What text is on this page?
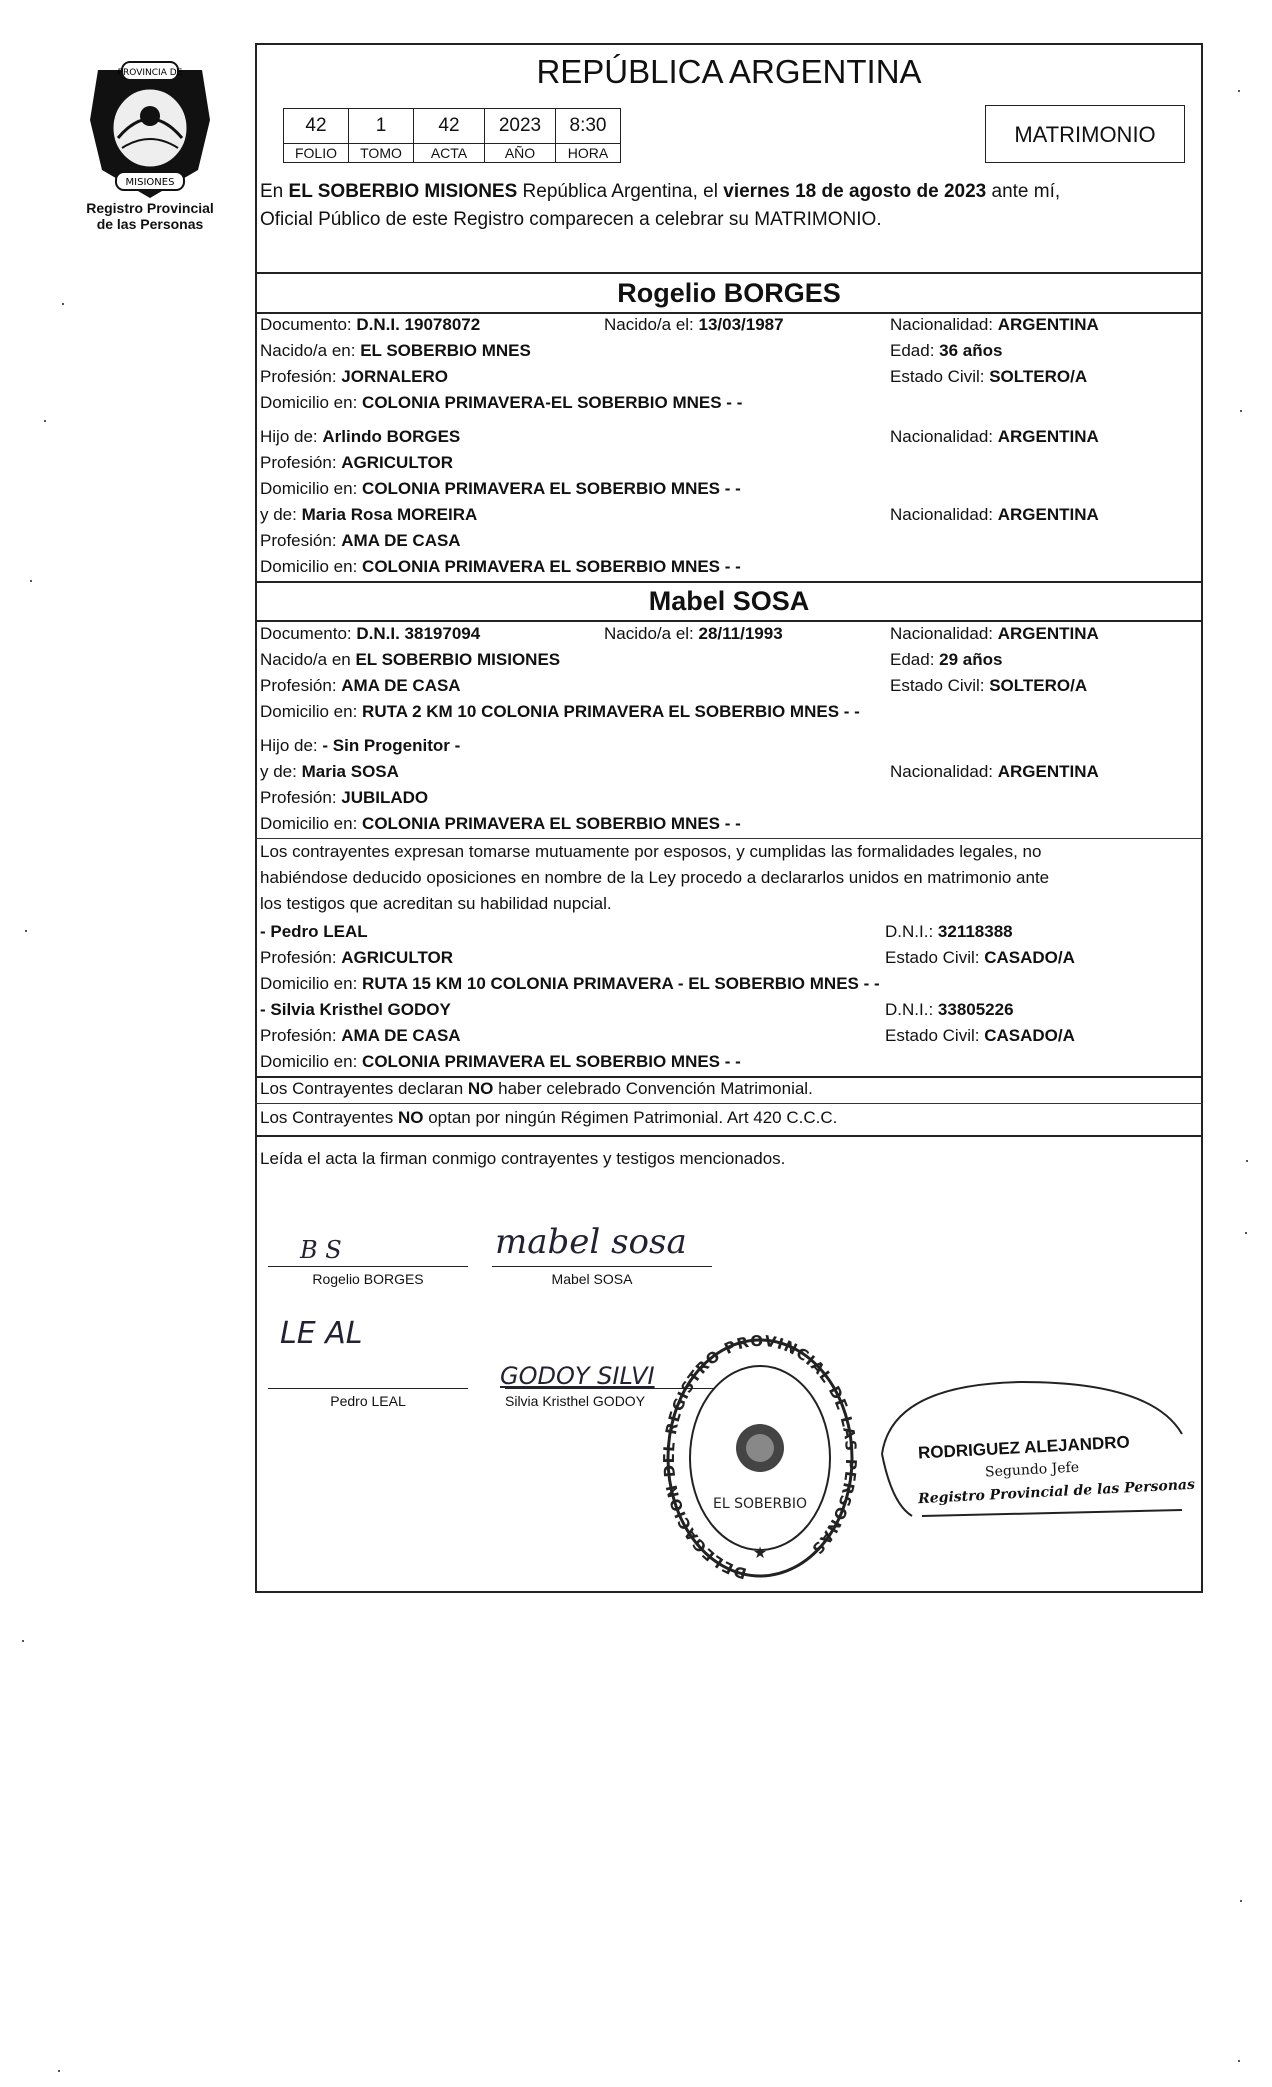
PROVINCIA DE
MISIONES
Registro Provincial
de las Personas
REPÚBLICA ARGENTINA
42	1	42	2023	8:30
FOLIO	TOMO	ACTA	AÑO	HORA
MATRIMONIO
En EL SOBERBIO MISIONES República Argentina, el viernes 18 de agosto de 2023 ante mí,
Oficial Público de este Registro comparecen a celebrar su MATRIMONIO.
Rogelio BORGES
Documento: D.N.I. 19078072	Nacido/a el: 13/03/1987	Nacionalidad: ARGENTINA
Nacido/a en: EL SOBERBIO MNES	Edad: 36 años
Profesión: JORNALERO	Estado Civil: SOLTERO/A
Domicilio en: COLONIA PRIMAVERA-EL SOBERBIO MNES - -
Hijo de: Arlindo BORGES	Nacionalidad: ARGENTINA
Profesión: AGRICULTOR
Domicilio en: COLONIA PRIMAVERA EL SOBERBIO MNES - -
y de: Maria Rosa MOREIRA	Nacionalidad: ARGENTINA
Profesión: AMA DE CASA
Domicilio en: COLONIA PRIMAVERA EL SOBERBIO MNES - -
Mabel SOSA
Documento: D.N.I. 38197094	Nacido/a el: 28/11/1993	Nacionalidad: ARGENTINA
Nacido/a en EL SOBERBIO MISIONES	Edad: 29 años
Profesión: AMA DE CASA	Estado Civil: SOLTERO/A
Domicilio en: RUTA 2 KM 10 COLONIA PRIMAVERA EL SOBERBIO MNES - -
Hijo de: - Sin Progenitor -
y de: Maria SOSA	Nacionalidad: ARGENTINA
Profesión: JUBILADO
Domicilio en: COLONIA PRIMAVERA EL SOBERBIO MNES - -
Los contrayentes expresan tomarse mutuamente por esposos, y cumplidas las formalidades legales, no
habiéndose deducido oposiciones en nombre de la Ley procedo a declararlos unidos en matrimonio ante
los testigos que acreditan su habilidad nupcial.
- Pedro LEAL	D.N.I.: 32118388
Profesión: AGRICULTOR	Estado Civil: CASADO/A
Domicilio en: RUTA 15 KM 10 COLONIA PRIMAVERA - EL SOBERBIO MNES - -
- Silvia Kristhel GODOY	D.N.I.: 33805226
Profesión: AMA DE CASA	Estado Civil: CASADO/A
Domicilio en: COLONIA PRIMAVERA EL SOBERBIO MNES - -
Los Contrayentes declaran NO haber celebrado Convención Matrimonial.
Los Contrayentes NO optan por ningún Régimen Patrimonial. Art 420 C.C.C.
Leída el acta la firman conmigo contrayentes y testigos mencionados.
B S
Rogelio BORGES
mabel sosa
Mabel SOSA
LE AL
Pedro LEAL
GODOY SILVI
Silvia Kristhel GODOY
DELEGACION DEL REGISTRO PROVINCIAL DE LAS PERSONAS
EL SOBERBIO
★
RODRIGUEZ ALEJANDRO
Segundo Jefe
Registro Provincial de las Personas
